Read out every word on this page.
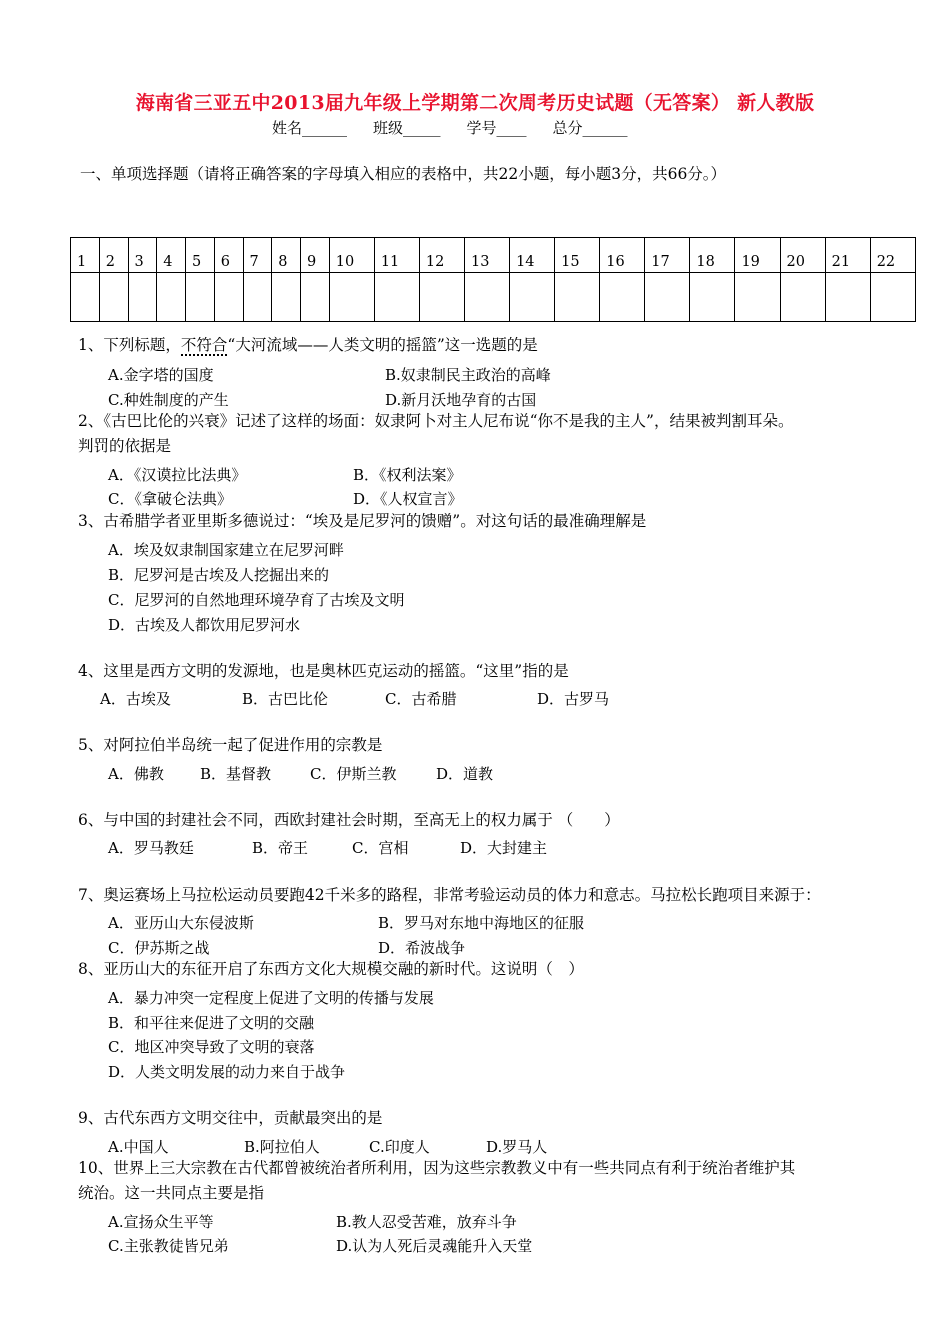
海南省三亚五中2013届九年级上学期第二次周考历史试题（无答案） 新人教版
姓名______ 班级_____ 学号____ 总分______
一、单项选择题（请将正确答案的字母填入相应的表格中，共22小题，每小题3分，共66分。）
1	2	3	4	5	6	7	8	9	10	11	12	13	14	15	16	17	18	19	20	21	22

1、下列标题，不符合“大河流域——人类文明的摇篮”这一选题的是
A.金字塔的国度	B.奴隶制民主政治的高峰
C.种姓制度的产生	D.新月沃地孕育的古国
2、《古巴比伦的兴衰》记述了这样的场面：奴隶阿卜对主人尼布说“你不是我的主人”，结果被判割耳朵。
判罚的依据是
A．《汉谟拉比法典》	B．《权利法案》
C．《拿破仑法典》	D．《人权宣言》
3、古希腊学者亚里斯多德说过：“埃及是尼罗河的馈赠”。对这句话的最准确理解是
A．埃及奴隶制国家建立在尼罗河畔
B．尼罗河是古埃及人挖掘出来的
C．尼罗河的自然地理环境孕育了古埃及文明
D．古埃及人都饮用尼罗河水
4、这里是西方文明的发源地，也是奥林匹克运动的摇篮。“这里”指的是
A．古埃及	B．古巴比伦	C．古希腊	D．古罗马
5、对阿拉伯半岛统一起了促进作用的宗教是
A．佛教 B．基督教	C．伊斯兰教	D．道教
6、与中国的封建社会不同，西欧封建社会时期，至高无上的权力属于 （　　）
A．罗马教廷	B．帝王	C．宫相	D．大封建主
7、奥运赛场上马拉松运动员要跑42千米多的路程，非常考验运动员的体力和意志。马拉松长跑项目来源于：
A．亚历山大东侵波斯	B．罗马对东地中海地区的征服
C．伊苏斯之战	D．希波战争
8、亚历山大的东征开启了东西方文化大规模交融的新时代。这说明（　）
A．暴力冲突一定程度上促进了文明的传播与发展
B．和平往来促进了文明的交融
C．地区冲突导致了文明的衰落
D．人类文明发展的动力来自于战争
9、古代东西方文明交往中，贡献最突出的是
A.中国人	B.阿拉伯人	C.印度人	D.罗马人
10、世界上三大宗教在古代都曾被统治者所利用，因为这些宗教教义中有一些共同点有利于统治者维护其
统治。这一共同点主要是指
A.宣扬众生平等	B.教人忍受苦难，放弃斗争
C.主张教徒皆兄弟	D.认为人死后灵魂能升入天堂
